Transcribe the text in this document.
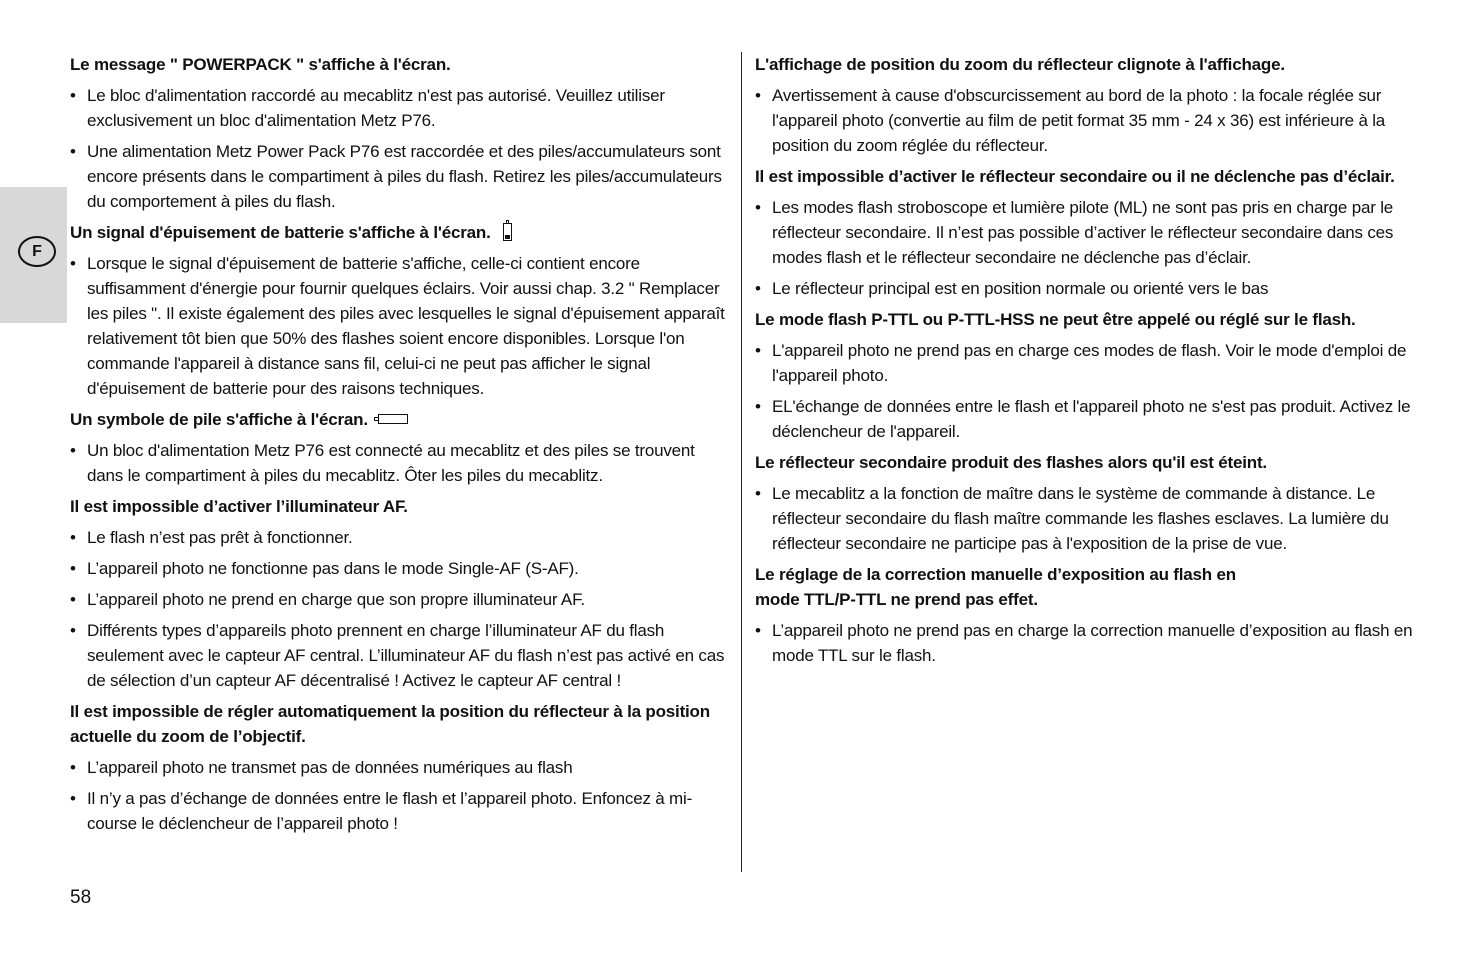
F
Le message " POWERPACK " s'affiche à l'écran.
• Le bloc d'alimentation raccordé au mecablitz n'est pas autorisé. Veuillez utiliser exclusivement un bloc d'alimentation Metz P76.
• Une alimentation Metz Power Pack P76 est raccordée et des piles/accumulateurs sont encore présents dans le compartiment à piles du flash. Retirez les piles/accumulateurs du comportement à piles du flash.
Un signal d'épuisement de batterie s'affiche à l'écran.
• Lorsque le signal d'épuisement de batterie s'affiche, celle-ci contient encore suffisamment d'énergie pour fournir quelques éclairs. Voir aussi chap. 3.2 " Remplacer les piles ". Il existe également des piles avec lesquelles le signal d'épuisement apparaît relativement tôt bien que 50% des flashes soient encore disponibles. Lorsque l'on commande l'appareil à distance sans fil, celui-ci ne peut pas afficher le signal d'épuisement de batterie pour des raisons techniques.
Un symbole de pile s'affiche à l'écran.
• Un bloc d'alimentation Metz P76 est connecté au mecablitz et des piles se trouvent dans le compartiment à piles du mecablitz. Ôter les piles du mecablitz.
Il est impossible d’activer l’illuminateur AF.
• Le flash n’est pas prêt à fonctionner.
• L’appareil photo ne fonctionne pas dans le mode Single-AF (S-AF).
• L’appareil photo ne prend en charge que son propre illuminateur AF.
• Différents types d’appareils photo prennent en charge l’illuminateur AF du flash seulement avec le capteur AF central. L’illuminateur AF du flash n’est pas activé en cas de sélection d’un capteur AF décentralisé ! Activez le capteur AF central !
Il est impossible de régler automatiquement la position du réflecteur à la position actuelle du zoom de l’objectif.
• L’appareil photo ne transmet pas de données numériques au flash
• Il n’y a pas d’échange de données entre le flash et l’appareil photo. Enfoncez à mi-course le déclencheur de l’appareil photo !
L'affichage de position du zoom du réflecteur clignote à l'affichage.
• Avertissement à cause d'obscurcissement au bord de la photo : la focale réglée sur l'appareil photo (convertie au film de petit format 35 mm - 24 x 36) est inférieure à la position du zoom réglée du réflecteur.
Il est impossible d’activer le réflecteur secondaire ou il ne déclenche pas d’éclair.
• Les modes flash stroboscope et lumière pilote (ML) ne sont pas pris en charge par le réflecteur secondaire. Il n’est pas possible d’activer le réflecteur secondaire dans ces modes flash et le réflecteur secondaire ne déclenche pas d’éclair.
• Le réflecteur principal est en position normale ou orienté vers le bas
Le mode flash P-TTL ou P-TTL-HSS ne peut être appelé ou réglé sur le flash.
• L'appareil photo ne prend pas en charge ces modes de flash. Voir le mode d'emploi de l'appareil photo.
• EL'échange de données entre le flash et l'appareil photo ne s'est pas produit. Activez le déclencheur de l'appareil.
Le réflecteur secondaire produit des flashes alors qu'il est éteint.
• Le mecablitz a la fonction de maître dans le système de commande à distance. Le réflecteur secondaire du flash maître commande les flashes esclaves. La lumière du réflecteur secondaire ne participe pas à l'exposition de la prise de vue.
Le réglage de la correction manuelle d’exposition au flash en
mode TTL/P-TTL ne prend pas effet.
• L’appareil photo ne prend pas en charge la correction manuelle d’exposition au flash en mode TTL sur le flash.
58
